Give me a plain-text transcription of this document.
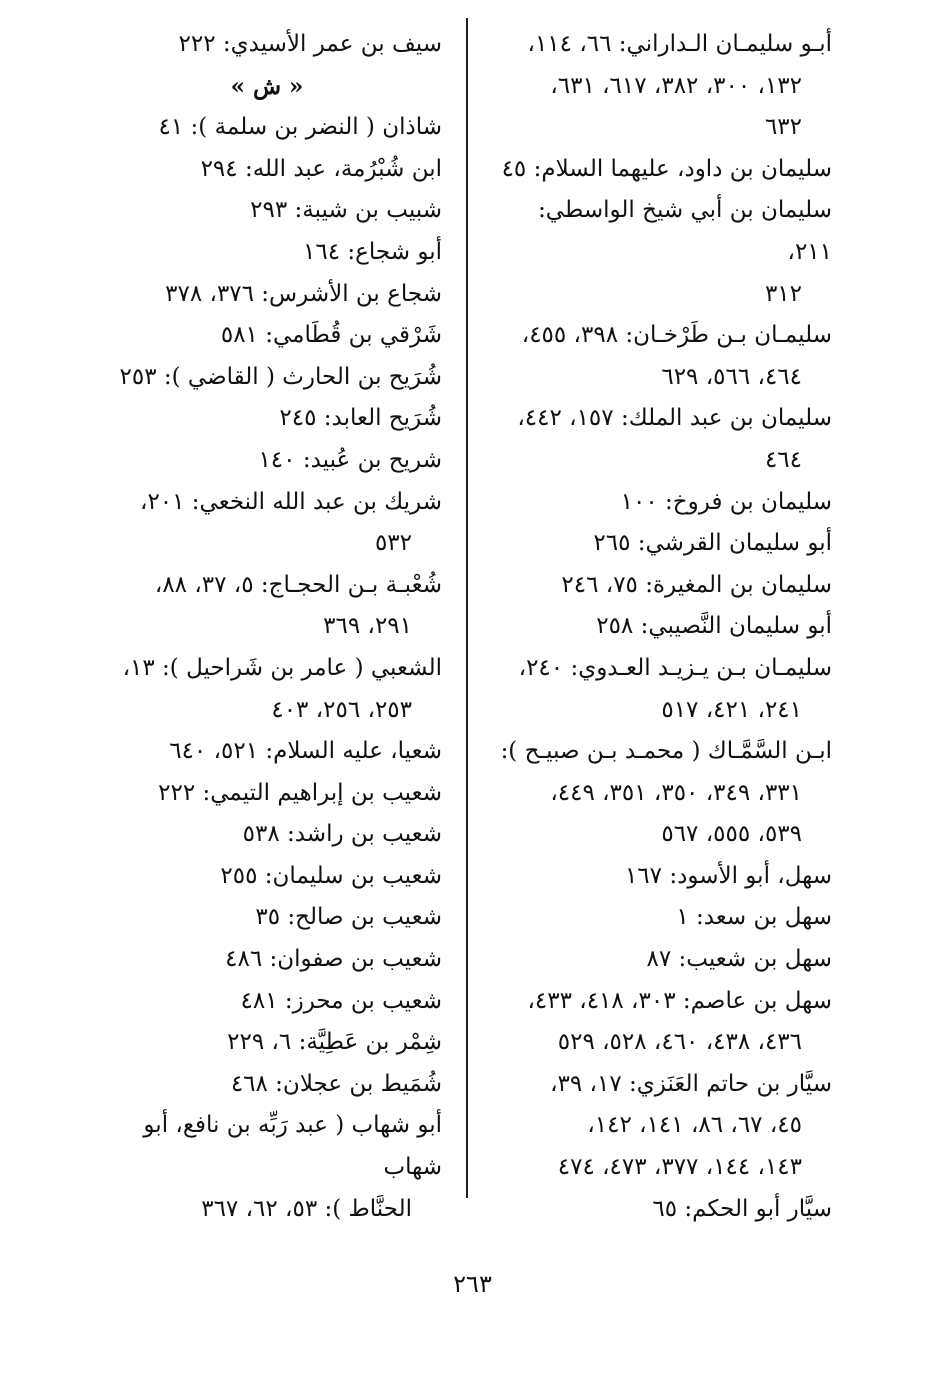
أبـو سليمـان الـداراني: ٦٦، ١١٤،
١٣٢، ٣٠٠، ٣٨٢، ٦١٧، ٦٣١،
٦٣٢
سليمان بن داود، عليهما السلام: ٤٥
سليمان بن أبي شيخ الواسطي: ٢١١،
٣١٢
سليمـان بـن طَرْخـان: ٣٩٨، ٤٥٥،
٤٦٤، ٥٦٦، ٦٢٩
سليمان بن عبد الملك: ١٥٧، ٤٤٢،
٤٦٤
سليمان بن فروخ: ١٠٠
أبو سليمان القرشي: ٢٦٥
سليمان بن المغيرة: ٧٥، ٢٤٦
أبو سليمان النَّصيبي: ٢٥٨
سليمـان بـن يـزيـد العـدوي: ٢٤٠،
٢٤١، ٤٢١، ٥١٧
ابـن السَّمَّـاك ( محمـد بـن صبيـح ):
٣٣١، ٣٤٩، ٣٥٠، ٣٥١، ٤٤٩،
٥٣٩، ٥٥٥، ٥٦٧
سهل، أبو الأسود: ١٦٧
سهل بن سعد: ١
سهل بن شعيب: ٨٧
سهل بن عاصم: ٣٠٣، ٤١٨، ٤٣٣،
٤٣٦، ٤٣٨، ٤٦٠، ٥٢٨، ٥٢٩
سيَّار بن حاتم العَنَزي: ١٧، ٣٩،
٤٥، ٦٧، ٨٦، ١٤١، ١٤٢،
١٤٣، ١٤٤، ٣٧٧، ٤٧٣، ٤٧٤
سيَّار أبو الحكم: ٦٥
سيف بن عمر الأسيدي: ٢٢٢
« ش »
شاذان ( النضر بن سلمة ): ٤١
ابن شُبْرُمة، عبد الله: ٢٩٤
شبيب بن شيبة: ٢٩٣
أبو شجاع: ١٦٤
شجاع بن الأشرس: ٣٧٦، ٣٧٨
شَرْقي بن قُطَامي: ٥٨١
شُرَيح بن الحارث ( القاضي ): ٢٥٣
شُرَيح العابد: ٢٤٥
شريح بن عُبيد: ١٤٠
شريك بن عبد الله النخعي: ٢٠١،
٥٣٢
شُعْبـة بـن الحجـاج: ٥، ٣٧، ٨٨،
٢٩١، ٣٦٩
الشعبي ( عامر بن شَراحيل ): ١٣،
٢٥٣، ٢٥٦، ٤٠٣
شعيا، عليه السلام: ٥٢١، ٦٤٠
شعيب بن إبراهيم التيمي: ٢٢٢
شعيب بن راشد: ٥٣٨
شعيب بن سليمان: ٢٥٥
شعيب بن صالح: ٣٥
شعيب بن صفوان: ٤٨٦
شعيب بن محرز: ٤٨١
شِمْر بن عَطِيَّة: ٦، ٢٢٩
شُمَيط بن عجلان: ٤٦٨
أبو شهاب ( عبد رَبِّه بن نافع، أبو شهاب
الحنَّاط ): ٥٣، ٦٢، ٣٦٧
٢٦٣
